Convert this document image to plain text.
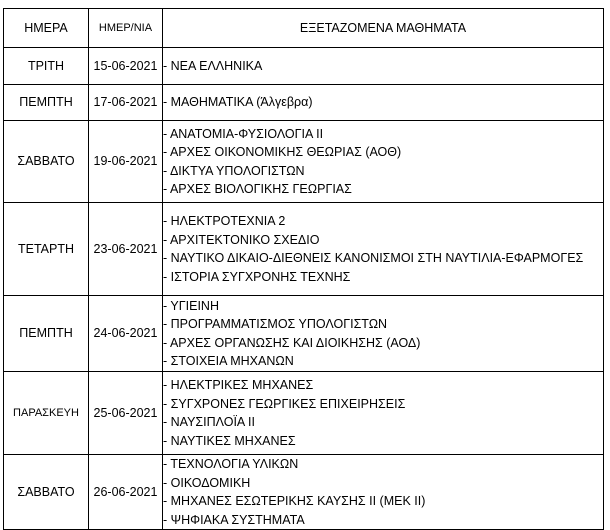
ΗΜΕΡΑ	ΗΜΕΡ/ΝΙΑ	ΕΞΕΤΑΖΟΜΕΝΑ ΜΑΘΗΜΑΤΑ
ΤΡΙΤΗ	15-06-2021	- ΝΕΑ ΕΛΛΗΝΙΚΑ

ΠΕΜΠΤΗ	17-06-2021	- ΜΑΘΗΜΑΤΙΚΑ (Άλγεβρα)

ΣΑΒΒΑΤΟ	19-06-2021	- ΑΝΑΤΟΜΙΑ-ΦΥΣΙΟΛΟΓΙΑ ΙΙ
- ΑΡΧΕΣ ΟΙΚΟΝΟΜΙΚΗΣ ΘΕΩΡΙΑΣ (ΑΟΘ)
- ΔΙΚΤΥΑ ΥΠΟΛΟΓΙΣΤΩΝ
- ΑΡΧΕΣ ΒΙΟΛΟΓΙΚΗΣ ΓΕΩΡΓΙΑΣ

ΤΕΤΑΡΤΗ	23-06-2021	- ΗΛΕΚΤΡΟΤΕΧΝΙΑ 2
- ΑΡΧΙΤΕΚΤΟΝΙΚΟ ΣΧΕΔΙΟ
- ΝΑΥΤΙΚΟ ΔΙΚΑΙΟ-ΔΙΕΘΝΕΙΣ ΚΑΝΟΝΙΣΜΟΙ ΣΤΗ ΝΑΥΤΙΛΙΑ-ΕΦΑΡΜΟΓΕΣ
- ΙΣΤΟΡΙΑ ΣΥΓΧΡΟΝΗΣ ΤΕΧΝΗΣ

ΠΕΜΠΤΗ	24-06-2021	- ΥΓΙΕΙΝΗ
- ΠΡΟΓΡΑΜΜΑΤΙΣΜΟΣ ΥΠΟΛΟΓΙΣΤΩΝ
- ΑΡΧΕΣ ΟΡΓΑΝΩΣΗΣ ΚΑΙ ΔΙΟΙΚΗΣΗΣ (ΑΟΔ)
- ΣΤΟΙΧΕΙΑ ΜΗΧΑΝΩΝ

ΠΑΡΑΣΚΕΥΗ	25-06-2021	- ΗΛΕΚΤΡΙΚΕΣ ΜΗΧΑΝΕΣ
- ΣΥΓΧΡΟΝΕΣ ΓΕΩΡΓΙΚΕΣ ΕΠΙΧΕΙΡΗΣΕΙΣ
- ΝΑΥΣΙΠΛΟΪΑ ΙΙ
- ΝΑΥΤΙΚΕΣ ΜΗΧΑΝΕΣ

ΣΑΒΒΑΤΟ	26-06-2021	- ΤΕΧΝΟΛΟΓΙΑ ΥΛΙΚΩΝ
- ΟΙΚΟΔΟΜΙΚΗ
- ΜΗΧΑΝΕΣ ΕΣΩΤΕΡΙΚΗΣ ΚΑΥΣΗΣ ΙΙ (ΜΕΚ ΙΙ)
- ΨΗΦΙΑΚΑ ΣΥΣΤΗΜΑΤΑ
